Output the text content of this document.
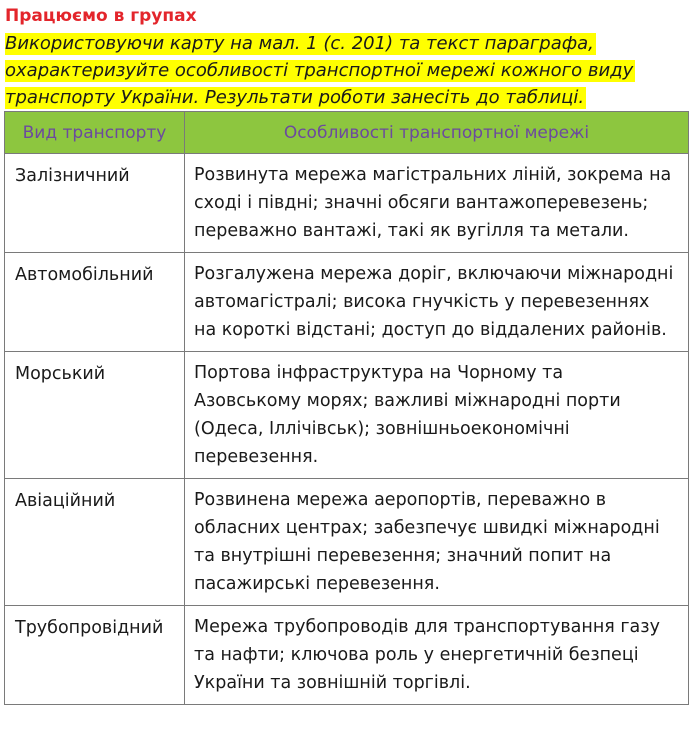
Працюємо в групах

Використовуючи карту на мал. 1 (с. 201) та текст параграфа,
охарактеризуйте особливості транспортної мережі кожного виду
транспорту України. Результати роботи занесіть до таблиці.

Вид транспорту	Особливості транспортної мережі
Залізничний	Розвинута мережа магістральних ліній, зокрема на сході і півдні; значні обсяги вантажоперевезень; переважно вантажі, такі як вугілля та метали.
Автомобільний	Розгалужена мережа доріг, включаючи міжнародні автомагістралі; висока гнучкість у перевезеннях на короткі відстані; доступ до віддалених районів.
Морський	Портова інфраструктура на Чорному та Азовському морях; важливі міжнародні порти (Одеса, Іллічівськ); зовнішньоекономічні перевезення.
Авіаційний	Розвинена мережа аеропортів, переважно в обласних центрах; забезпечує швидкі міжнародні та внутрішні перевезення; значний попит на пасажирські перевезення.
Трубопровідний	Мережа трубопроводів для транспортування газу та нафти; ключова роль у енергетичній безпеці України та зовнішній торгівлі.
